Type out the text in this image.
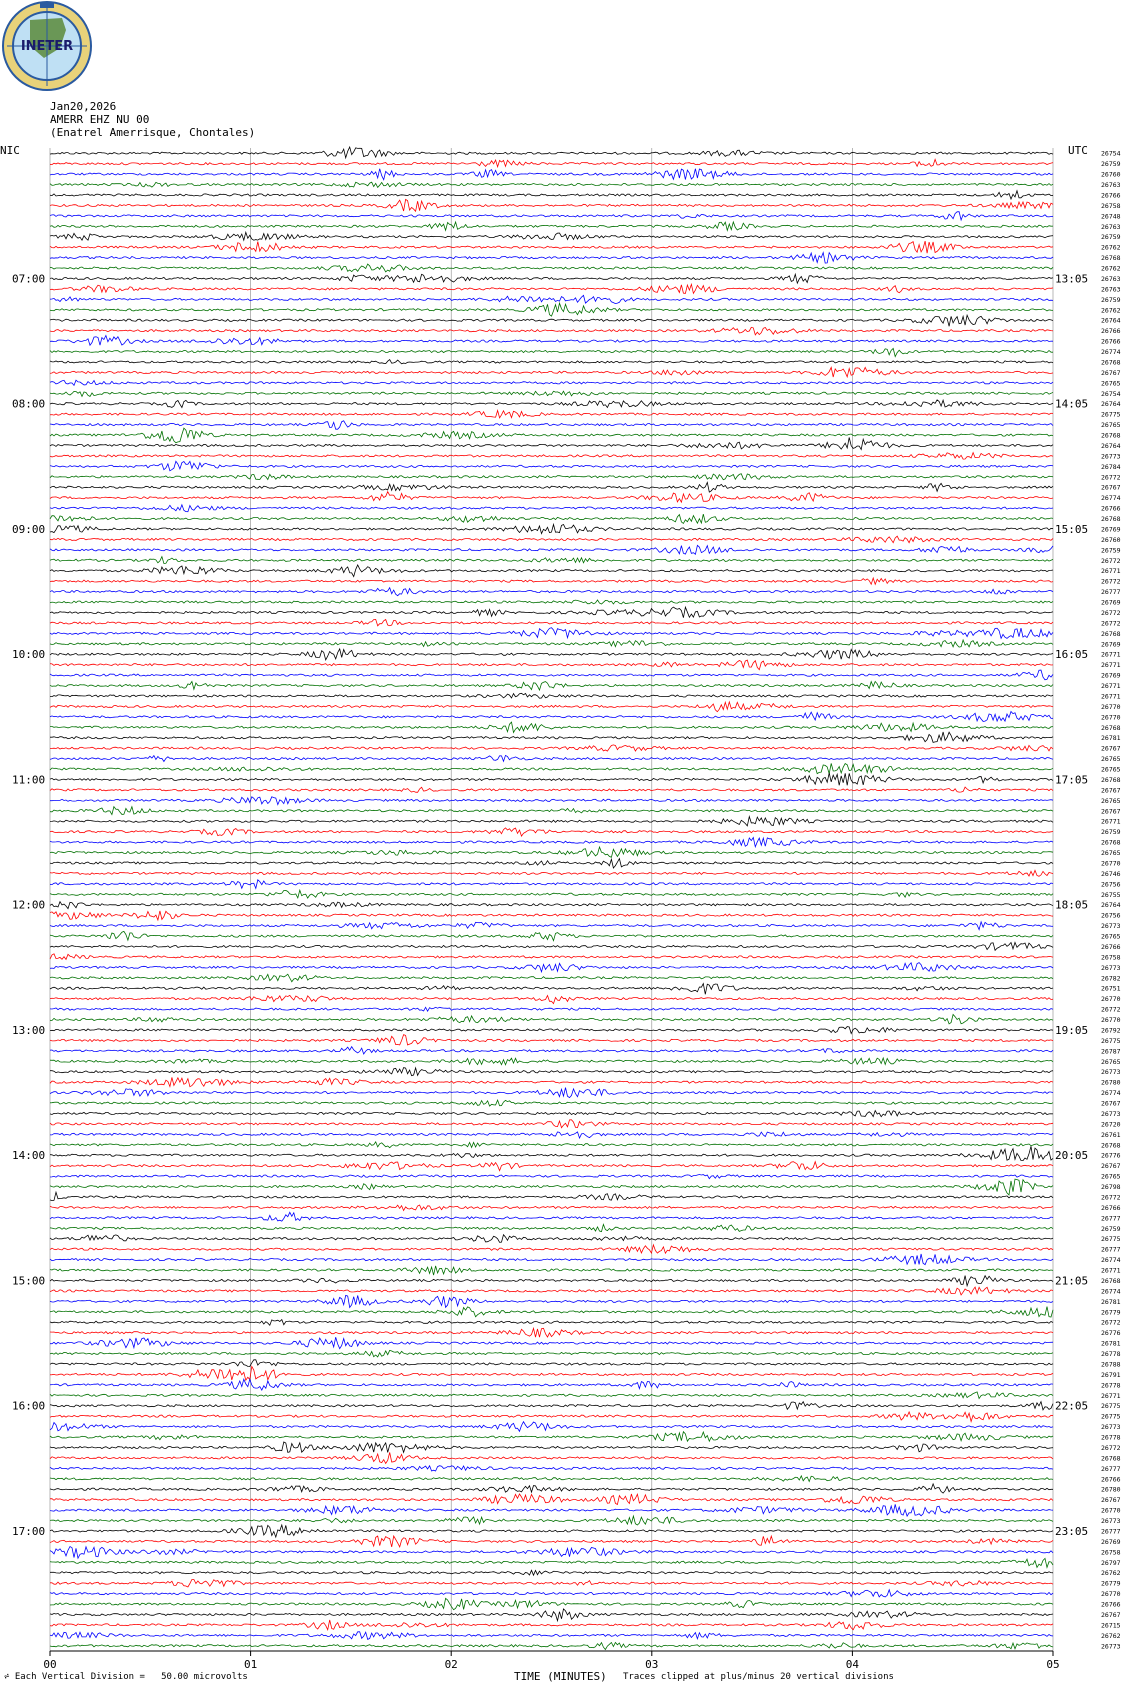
INETER
Jan20,2026
AMERR EHZ NU 00
(Enatrel Amerrisque, Chontales)
NIC	UTC
00	01	02	03	04	05
26754
26759
26760
26763
26766
26758
26748
26763
26759
26762
26768
26762
26763
26763
26759
26762
26764
26766
26766
26774
26768
26767
26765
26754
26764
26775
26765
26768
26764
26773
26784
26772
26767
26774
26766
26768
26769
26760
26759
26772
26771
26772
26777
26769
26772
26772
26768
26769
26771
26771
26769
26771
26771
26770
26770
26768
26781
26767
26765
26765
26768
26767
26765
26767
26771
26759
26768
26765
26770
26746
26756
26755
26764
26756
26773
26765
26766
26758
26773
26782
26751
26770
26772
26770
26792
26775
26787
26765
26773
26780
26774
26767
26773
26720
26761
26768
26776
26767
26765
26798
26772
26766
26777
26759
26775
26777
26774
26771
26768
26774
26781
26779
26772
26776
26781
26778
26788
26791
26778
26771
26775
26775
26773
26778
26772
26768
26777
26766
26780
26767
26770
26773
26777
26769
26758
26797
26762
26779
26770
26766
26767
26715
26762
26773
07:00	13:05
08:00	14:05
09:00	15:05
10:00	16:05
11:00	17:05
12:00	18:05
13:00	19:05
14:00	20:05
15:00	21:05
16:00	22:05
17:00	23:05
⩫ Each Vertical Division =   50.00 microvolts	TIME (MINUTES) Traces clipped at plus/minus 20 vertical divisions
